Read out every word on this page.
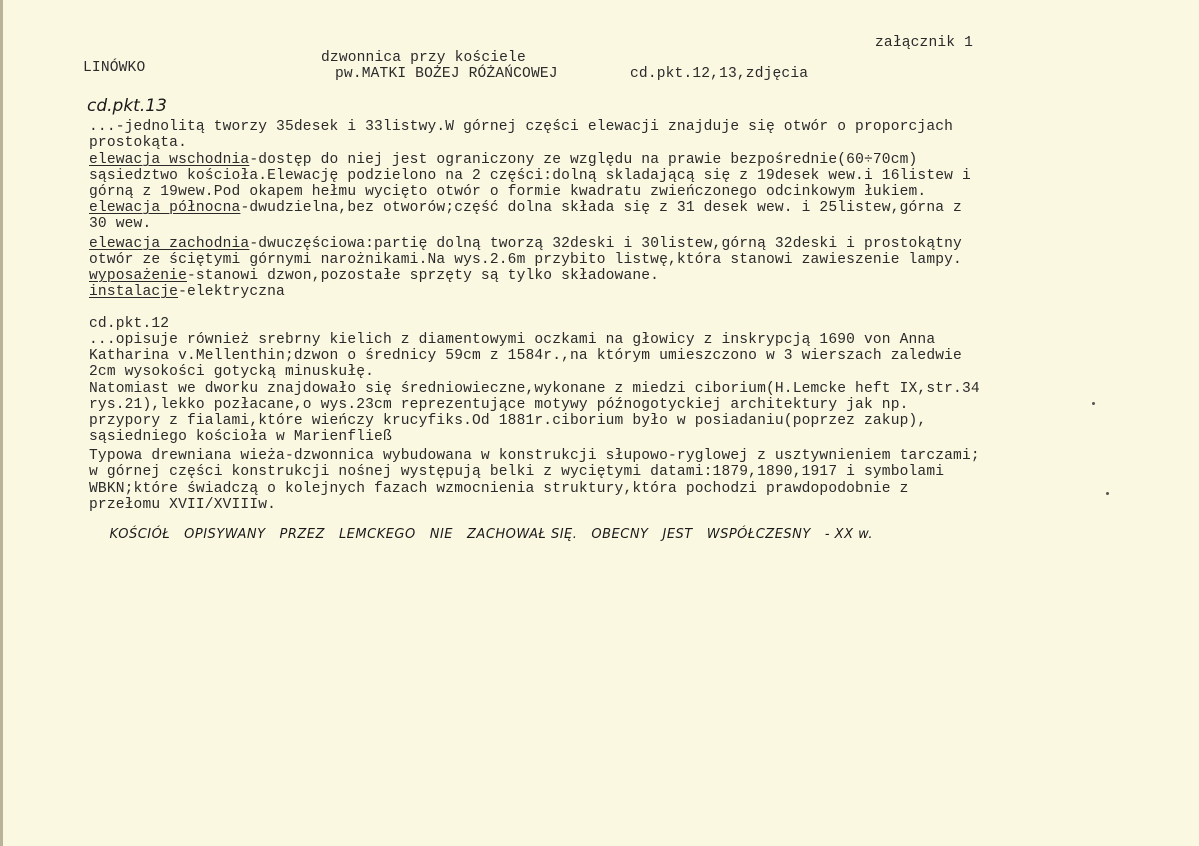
załącznik 1
LINÓWKO
dzwonnica przy kościele
pw.MATKI BOŻEJ RÓŻAŃCOWEJ	cd.pkt.12,13,zdjęcia
cd.pkt.13
...-jednolitą tworzy 35desek i 33listwy.W górnej części elewacji znajduje się otwór o proporcjach
prostokąta.
elewacja wschodnia-dostęp do niej jest ograniczony ze względu na prawie bezpośrednie(60÷70cm)
sąsiedztwo kościoła.Elewację podzielono na 2 części:dolną skladającą się z 19desek wew.i 16listew i
górną z 19wew.Pod okapem hełmu wycięto otwór o formie kwadratu zwieńczonego odcinkowym łukiem.
elewacja północna-dwudzielna,bez otworów;część dolna składa się z 31 desek wew. i 25listew,górna z
30 wew.
elewacja zachodnia-dwuczęściowa:partię dolną tworzą 32deski i 30listew,górną 32deski i prostokątny
otwór ze ściętymi górnymi narożnikami.Na wys.2.6m przybito listwę,która stanowi zawieszenie lampy.
wyposażenie-stanowi dzwon,pozostałe sprzęty są tylko składowane.
instalacje-elektryczna
cd.pkt.12
...opisuje również srebrny kielich z diamentowymi oczkami na głowicy z inskrypcją 1690 von Anna
Katharina v.Mellenthin;dzwon o średnicy 59cm z 1584r.,na którym umieszczono w 3 wierszach zaledwie
2cm wysokości gotycką minuskułę.
Natomiast we dworku znajdowało się średniowieczne,wykonane z miedzi ciborium(H.Lemcke heft IX,str.34
rys.21),lekko pozłacane,o wys.23cm reprezentujące motywy późnogotyckiej architektury jak np.
przypory z fialami,które wieńczy krucyfiks.Od 1881r.ciborium było w posiadaniu(poprzez zakup),
sąsiedniego kościoła w Marienfließ
Typowa drewniana wieża-dzwonnica wybudowana w konstrukcji słupowo-ryglowej z usztywnieniem tarczami;
w górnej części konstrukcji nośnej występują belki z wyciętymi datami:1879,1890,1917 i symbolami
WBKN;które świadczą o kolejnych fazach wzmocnienia struktury,która pochodzi prawdopodobnie z
przełomu XVII/XVIIIw.

KOŚCIÓŁ OPISYWANY PRZEZ LEMCKEGO NIE ZACHOWAŁ SIĘ. OBECNY JEST WSPÓŁCZESNY - XX w.
